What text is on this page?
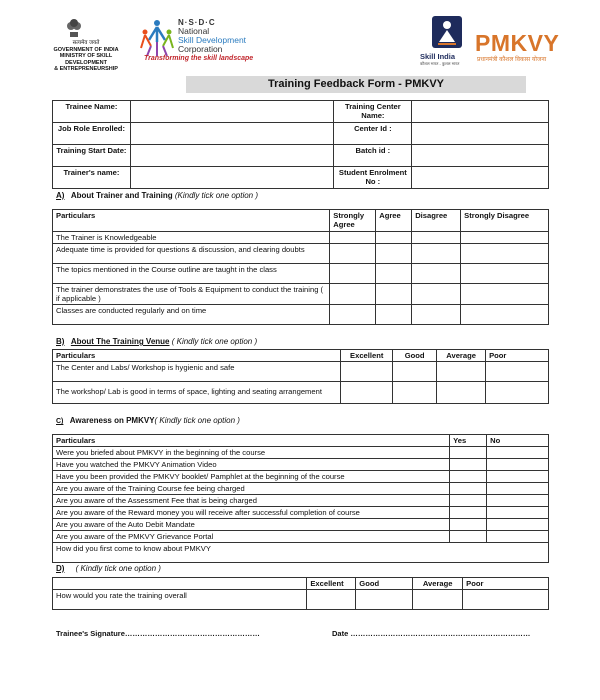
सत्यमेव जयते
GOVERNMENT OF INDIA
MINISTRY OF SKILL DEVELOPMENT
& ENTREPRENEURSHIP
N·S·D·C
National
Skill Development
Corporation
Transforming the skill landscape	Skill India
कौशल भारत - कुशल भारत
PMKVY
प्रधानमंत्री कौशल विकास योजना
Training Feedback Form - PMKVY
Trainee Name:		Training Center Name:	
Job Role Enrolled:		Center Id :	
Training Start Date:		Batch id :	
Trainer's name:		Student Enrolment No :	
A) About Trainer and Training (Kindly tick one option )
Particulars	Strongly Agree	Agree	Disagree	Strongly Disagree
The Trainer is Knowledgeable				
Adequate time is provided for questions & discussion, and clearing doubts				
The topics mentioned in the Course outline are taught in the class				
The trainer demonstrates the use of Tools & Equipment to conduct the training ( if applicable )				
Classes are conducted regularly and on time				
B) About The Training Venue ( Kindly tick one option )
Particulars	Excellent	Good	Average	Poor
The Center and Labs/ Workshop is hygienic and safe				
The workshop/ Lab is good in terms of space, lighting and seating arrangement				
C) Awareness on PMKVY( Kindly tick one option )
Particulars	Yes	No
Were you briefed about PMKVY in the beginning of the course		
Have you watched the PMKVY Animation Video		
Have you been provided the PMKVY booklet/ Pamphlet at the beginning of the course		
Are you aware of the Training Course fee being charged		
Are you aware of the Assessment Fee that is being charged		
Are you aware of the Reward money you will receive after successful completion of course		
Are you aware of the Auto Debit Mandate		
Are you aware of the PMKVY Grievance Portal		
How did you first come to know about PMKVY		
D) ( Kindly tick one option )
	Excellent	Good	Average	Poor
How would you rate the training overall				
Trainee's Signature………………………………………………	Date ………………………………………………………………
